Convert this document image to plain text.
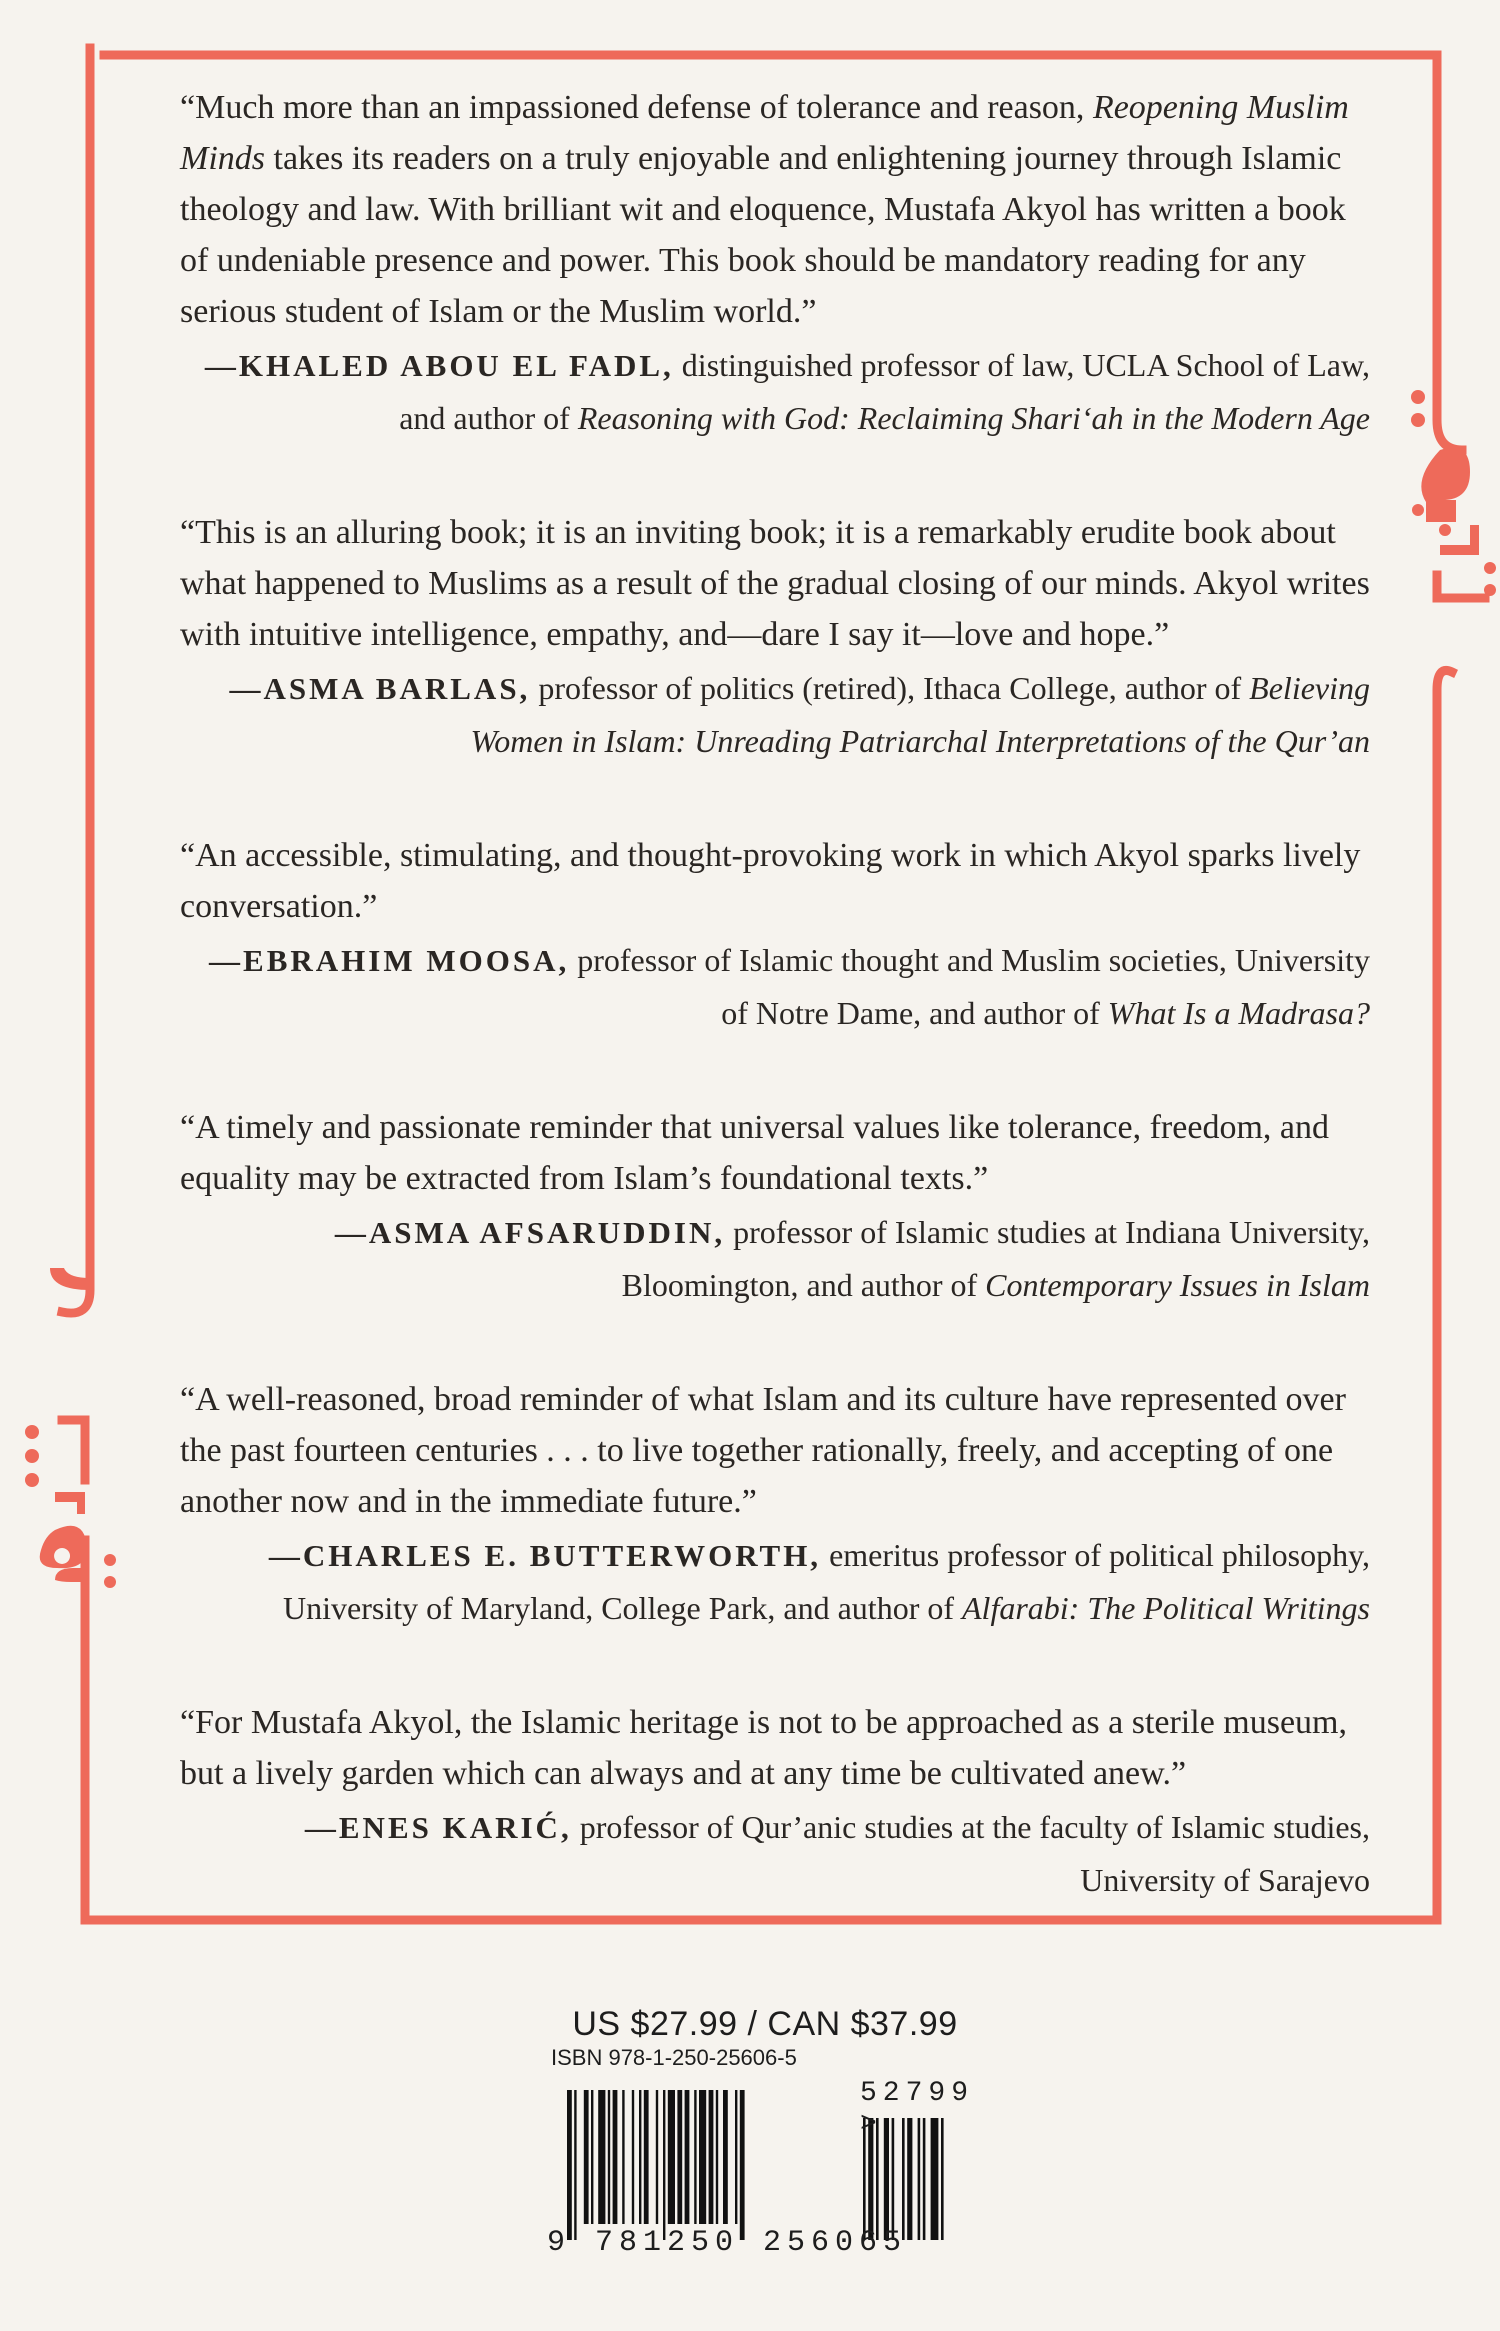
“Much more than an impassioned defense of tolerance and reason, Reopening Muslim Minds takes its readers on a truly enjoyable and enlightening journey through Islamic theology and law. With brilliant wit and eloquence, Mustafa Akyol has written a book of undeniable presence and power. This book should be mandatory reading for any serious student of Islam or the Muslim world.”

—KHALED ABOU EL FADL, distinguished professor of law, UCLA School of Law, and author of Reasoning with God: Reclaiming Shari‘ah in the Modern Age

“This is an alluring book; it is an inviting book; it is a remarkably erudite book about what happened to Muslims as a result of the gradual closing of our minds. Akyol writes with intuitive intelligence, empathy, and—dare I say it—love and hope.”

—ASMA BARLAS, professor of politics (retired), Ithaca College, author of Believing Women in Islam: Unreading Patriarchal Interpretations of the Qur’an

“An accessible, stimulating, and thought-provoking work in which Akyol sparks lively conversation.”

—EBRAHIM MOOSA, professor of Islamic thought and Muslim societies, University of Notre Dame, and author of What Is a Madrasa?

“A timely and passionate reminder that universal values like tolerance, freedom, and equality may be extracted from Islam’s foundational texts.”

—ASMA AFSARUDDIN, professor of Islamic studies at Indiana University, Bloomington, and author of Contemporary Issues in Islam

“A well-reasoned, broad reminder of what Islam and its culture have represented over the past fourteen centuries . . . to live together rationally, freely, and accepting of one another now and in the immediate future.”

—CHARLES E. BUTTERWORTH, emeritus professor of political philosophy, University of Maryland, College Park, and author of Alfarabi: The Political Writings

“For Mustafa Akyol, the Islamic heritage is not to be approached as a sterile museum, but a lively garden which can always and at any time be cultivated anew.”

—ENES KARIĆ, professor of Qur’anic studies at the faculty of Islamic studies, University of Sarajevo

US $27.99 / CAN $37.99
ISBN 978-1-250-25606-5
52799 >
9 781250 256065
